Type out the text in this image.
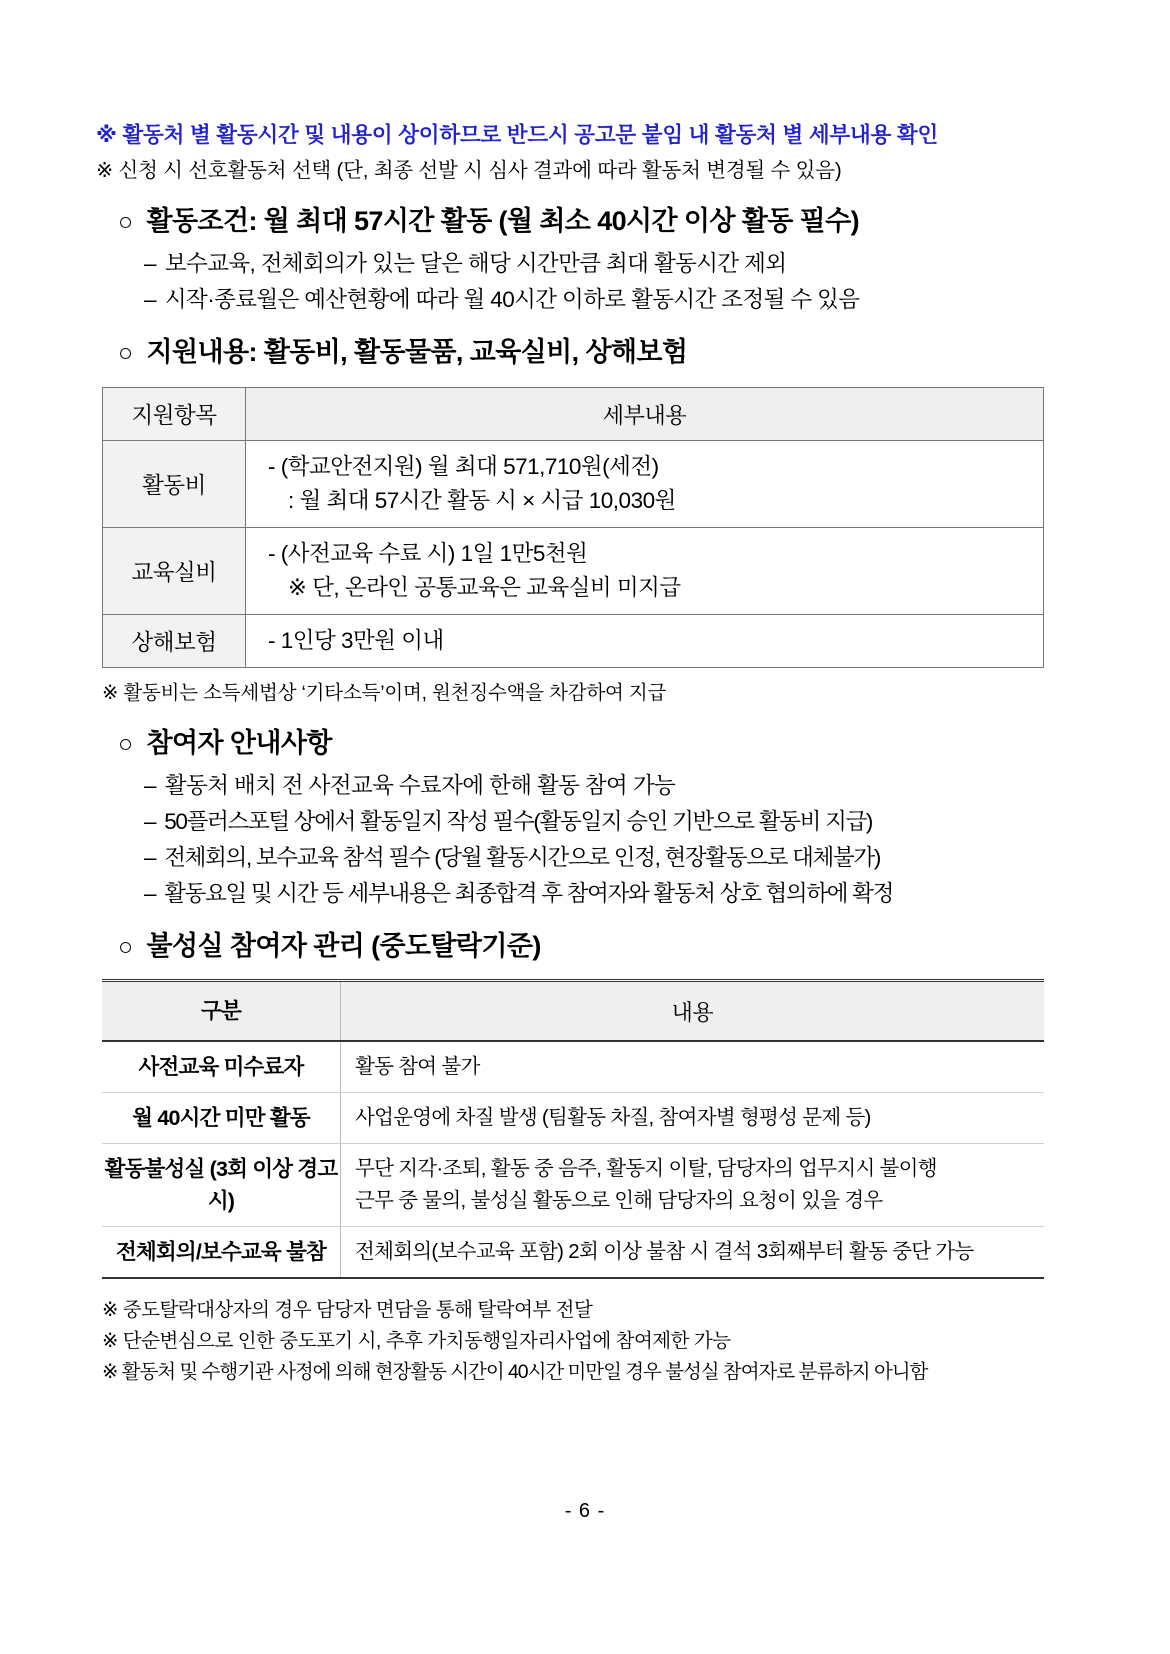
※ 활동처 별 활동시간 및 내용이 상이하므로 반드시 공고문 붙임 내 활동처 별 세부내용 확인
※ 신청 시 선호활동처 선택 (단, 최종 선발 시 심사 결과에 따라 활동처 변경될 수 있음)
○ 활동조건: 월 최대 57시간 활동 (월 최소 40시간 이상 활동 필수)
– 보수교육, 전체회의가 있는 달은 해당 시간만큼 최대 활동시간 제외
– 시작·종료월은 예산현황에 따라 월 40시간 이하로 활동시간 조정될 수 있음
○ 지원내용: 활동비, 활동물품, 교육실비, 상해보험
지원항목	세부내용
활동비	- (학교안전지원) 월 최대 571,710원(세전)
: 월 최대 57시간 활동 시 × 시급 10,030원

교육실비	- (사전교육 수료 시) 1일 1만5천원
※ 단, 온라인 공통교육은 교육실비 미지급

상해보험	- 1인당 3만원 이내
※ 활동비는 소득세법상 ‘기타소득’이며, 원천징수액을 차감하여 지급
○ 참여자 안내사항
– 활동처 배치 전 사전교육 수료자에 한해 활동 참여 가능
– 50플러스포털 상에서 활동일지 작성 필수(활동일지 승인 기반으로 활동비 지급)
– 전체회의, 보수교육 참석 필수 (당월 활동시간으로 인정, 현장활동으로 대체불가)
– 활동요일 및 시간 등 세부내용은 최종합격 후 참여자와 활동처 상호 협의하에 확정
○ 불성실 참여자 관리 (중도탈락기준)
구분	내용
사전교육 미수료자	활동 참여 불가

월 40시간 미만 활동	사업운영에 차질 발생 (팀활동 차질, 참여자별 형평성 문제 등)

활동불성실 (3회 이상 경고 시)	무단 지각·조퇴, 활동 중 음주, 활동지 이탈, 담당자의 업무지시 불이행
근무 중 물의, 불성실 활동으로 인해 담당자의 요청이 있을 경우

전체회의/보수교육 불참	전체회의(보수교육 포함) 2회 이상 불참 시 결석 3회째부터 활동 중단 가능
※ 중도탈락대상자의 경우 담당자 면담을 통해 탈락여부 전달
※ 단순변심으로 인한 중도포기 시, 추후 가치동행일자리사업에 참여제한 가능
※ 활동처 및 수행기관 사정에 의해 현장활동 시간이 40시간 미만일 경우 불성실 참여자로 분류하지 아니함
- 6 -
